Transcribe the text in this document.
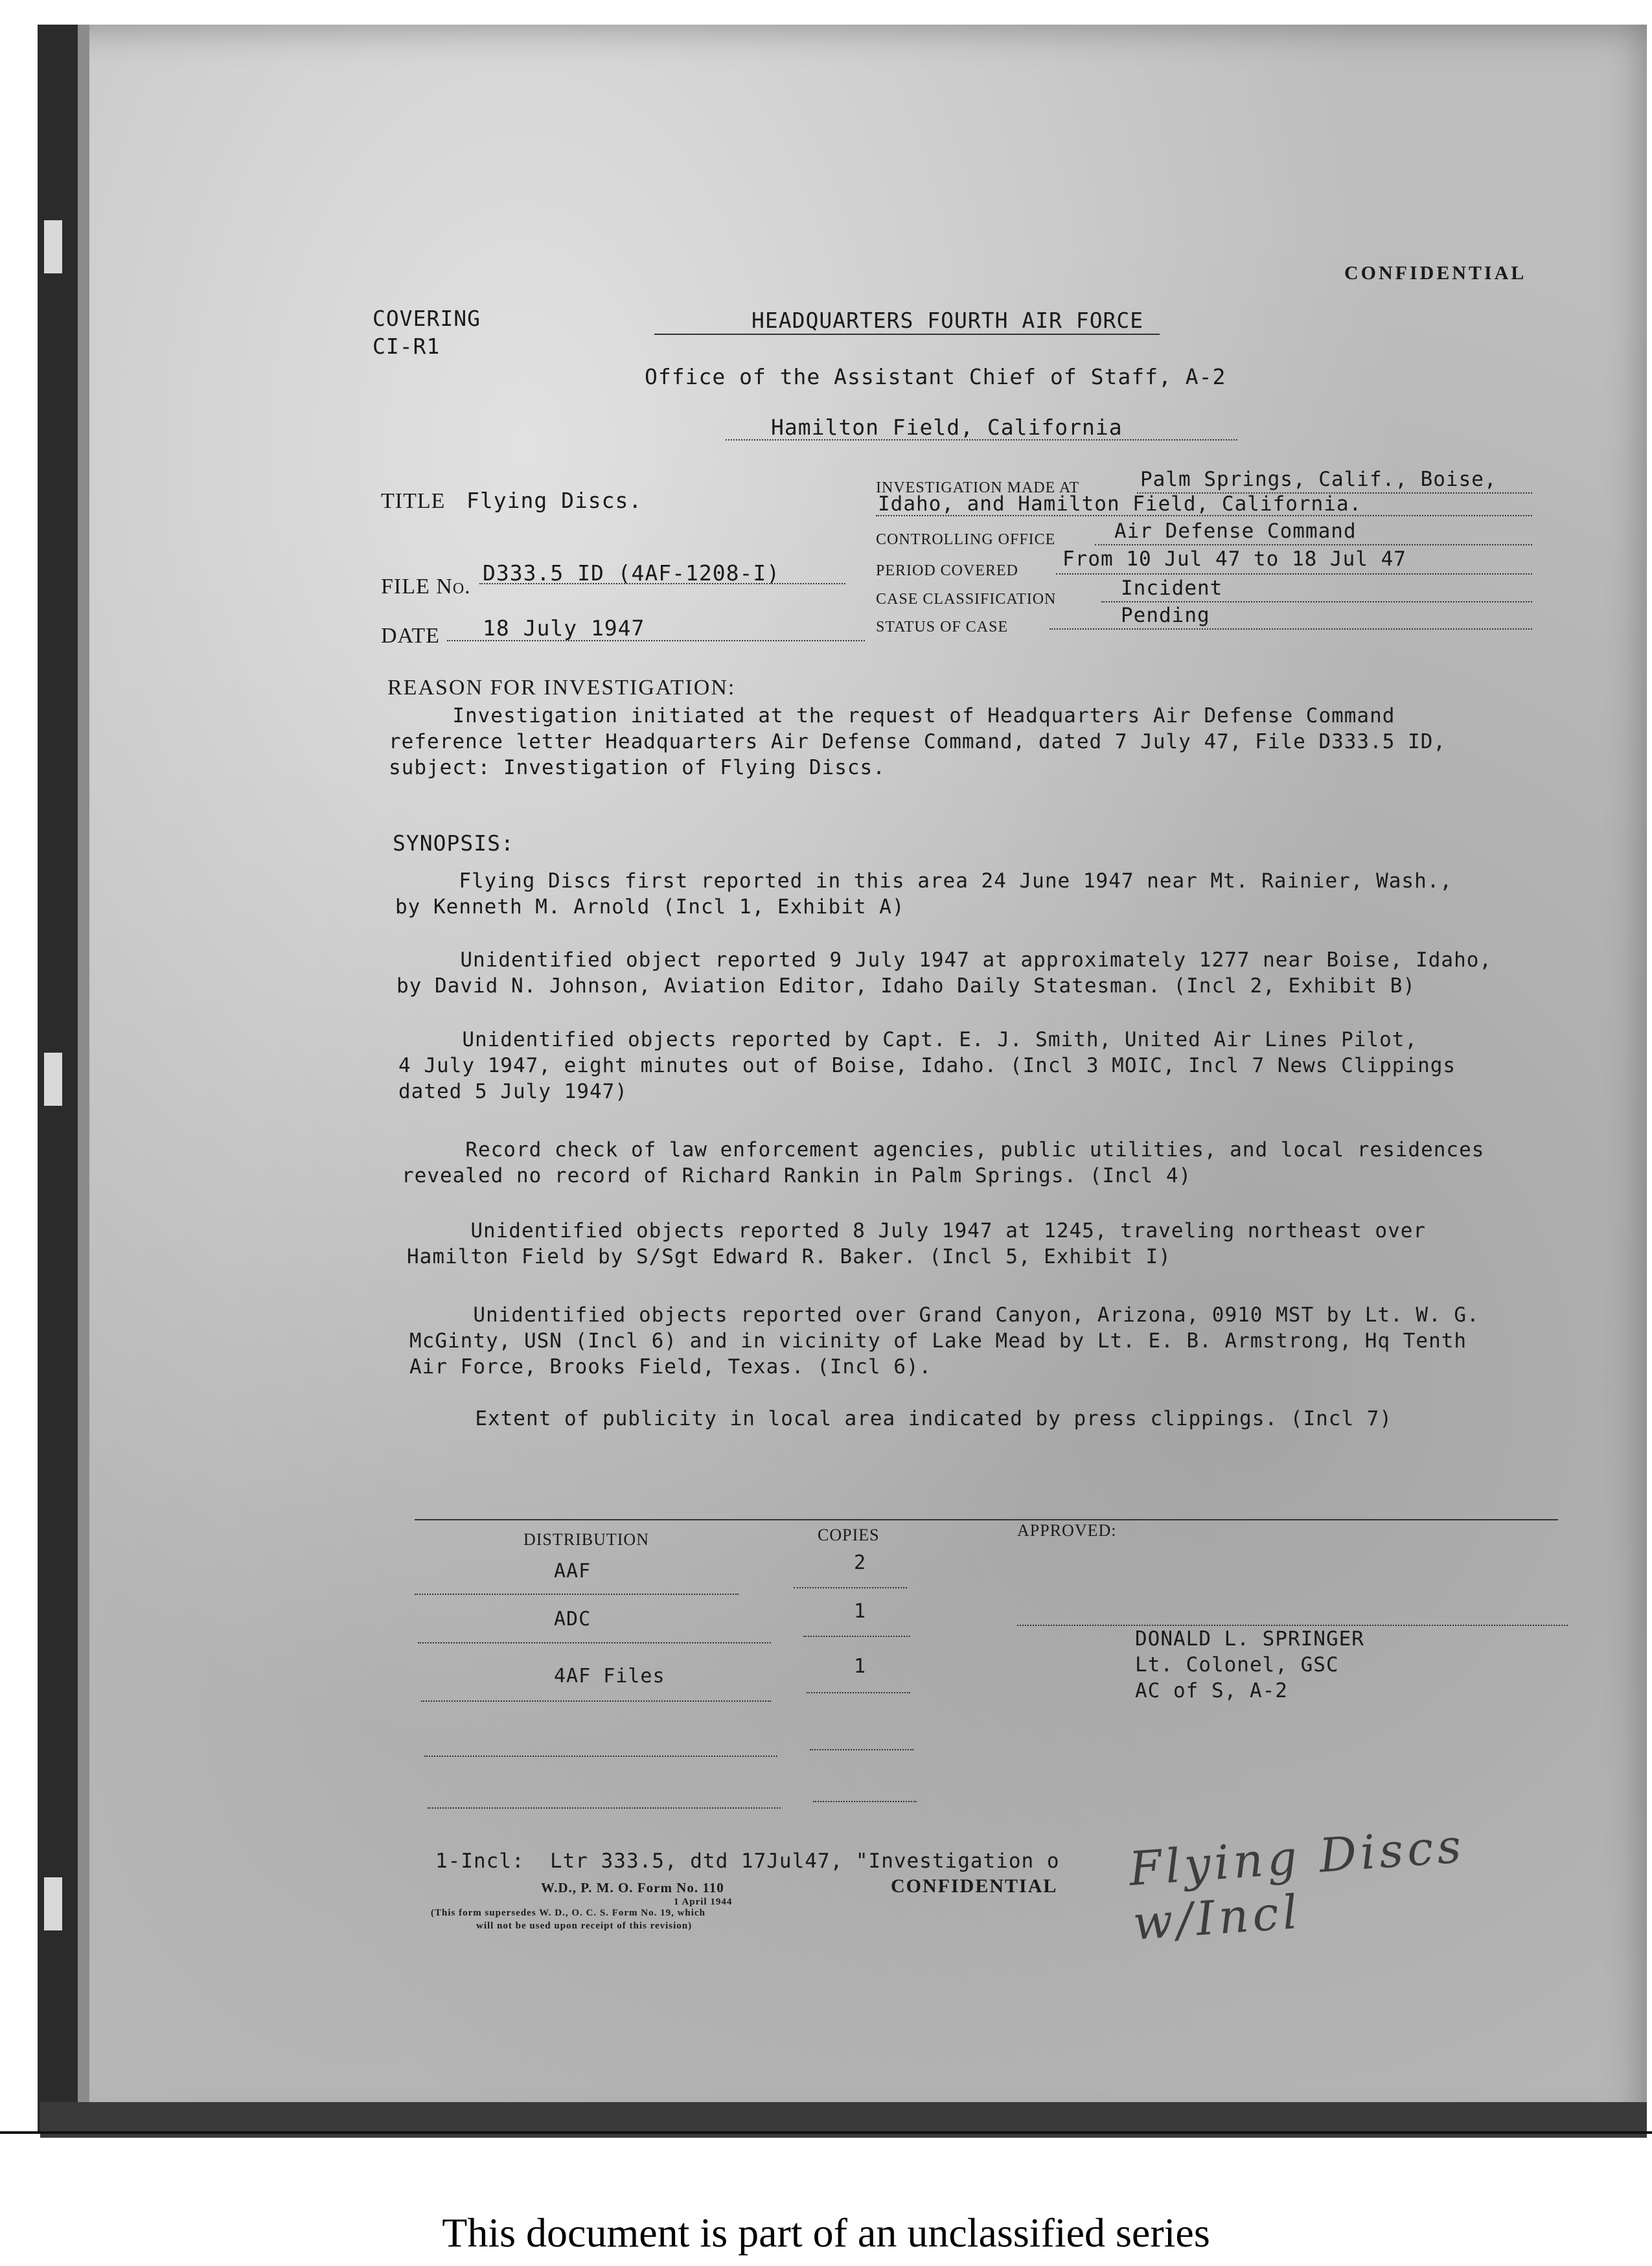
CONFIDENTIAL
COVERING
CI-R1
HEADQUARTERS FOURTH AIR FORCE
Office of the Assistant Chief of Staff, A-2
Hamilton Field, California
TITLE Flying Discs.
FILE No.
D333.5 ID (4AF-1208-I)
DATE 18 July 1947
INVESTIGATION MADE AT	Palm Springs, Calif., Boise,
Idaho, and Hamilton Field, California.
CONTROLLING OFFICE	Air Defense Command
PERIOD COVERED From 10 Jul 47 to 18 Jul 47
CASE CLASSIFICATION	Incident
STATUS OF CASE	Pending
REASON FOR INVESTIGATION:
Investigation initiated at the request of Headquarters Air Defense Command
reference letter Headquarters Air Defense Command, dated 7 July 47, File D333.5 ID,
subject: Investigation of Flying Discs.
SYNOPSIS:
Flying Discs first reported in this area 24 June 1947 near Mt. Rainier, Wash.,
by Kenneth M. Arnold (Incl 1, Exhibit A)
Unidentified object reported 9 July 1947 at approximately 1277 near Boise, Idaho,
by David N. Johnson, Aviation Editor, Idaho Daily Statesman. (Incl 2, Exhibit B)
Unidentified objects reported by Capt. E. J. Smith, United Air Lines Pilot,
4 July 1947, eight minutes out of Boise, Idaho. (Incl 3 MOIC, Incl 7 News Clippings
dated 5 July 1947)
Record check of law enforcement agencies, public utilities, and local residences
revealed no record of Richard Rankin in Palm Springs. (Incl 4)
Unidentified objects reported 8 July 1947 at 1245, traveling northeast over
Hamilton Field by S/Sgt Edward R. Baker. (Incl 5, Exhibit I)
Unidentified objects reported over Grand Canyon, Arizona, 0910 MST by Lt. W. G.
McGinty, USN (Incl 6) and in vicinity of Lake Mead by Lt. E. B. Armstrong, Hq Tenth
Air Force, Brooks Field, Texas. (Incl 6).
Extent of publicity in local area indicated by press clippings. (Incl 7)
DISTRIBUTION	COPIES	APPROVED:
AAF	2
ADC	1
4AF Files	1
DONALD L. SPRINGER
Lt. Colonel, GSC
AC of S, A-2
1-Incl:  Ltr 333.5, dtd 17Jul47, "Investigation o Flying Discs w/Incl
W.D., P. M. O. Form No. 110
1 April 1944
(This form supersedes W. D., O. C. S. Form No. 19, which
will not be used upon receipt of this revision)
CONFIDENTIAL
This document is part of an unclassified series
